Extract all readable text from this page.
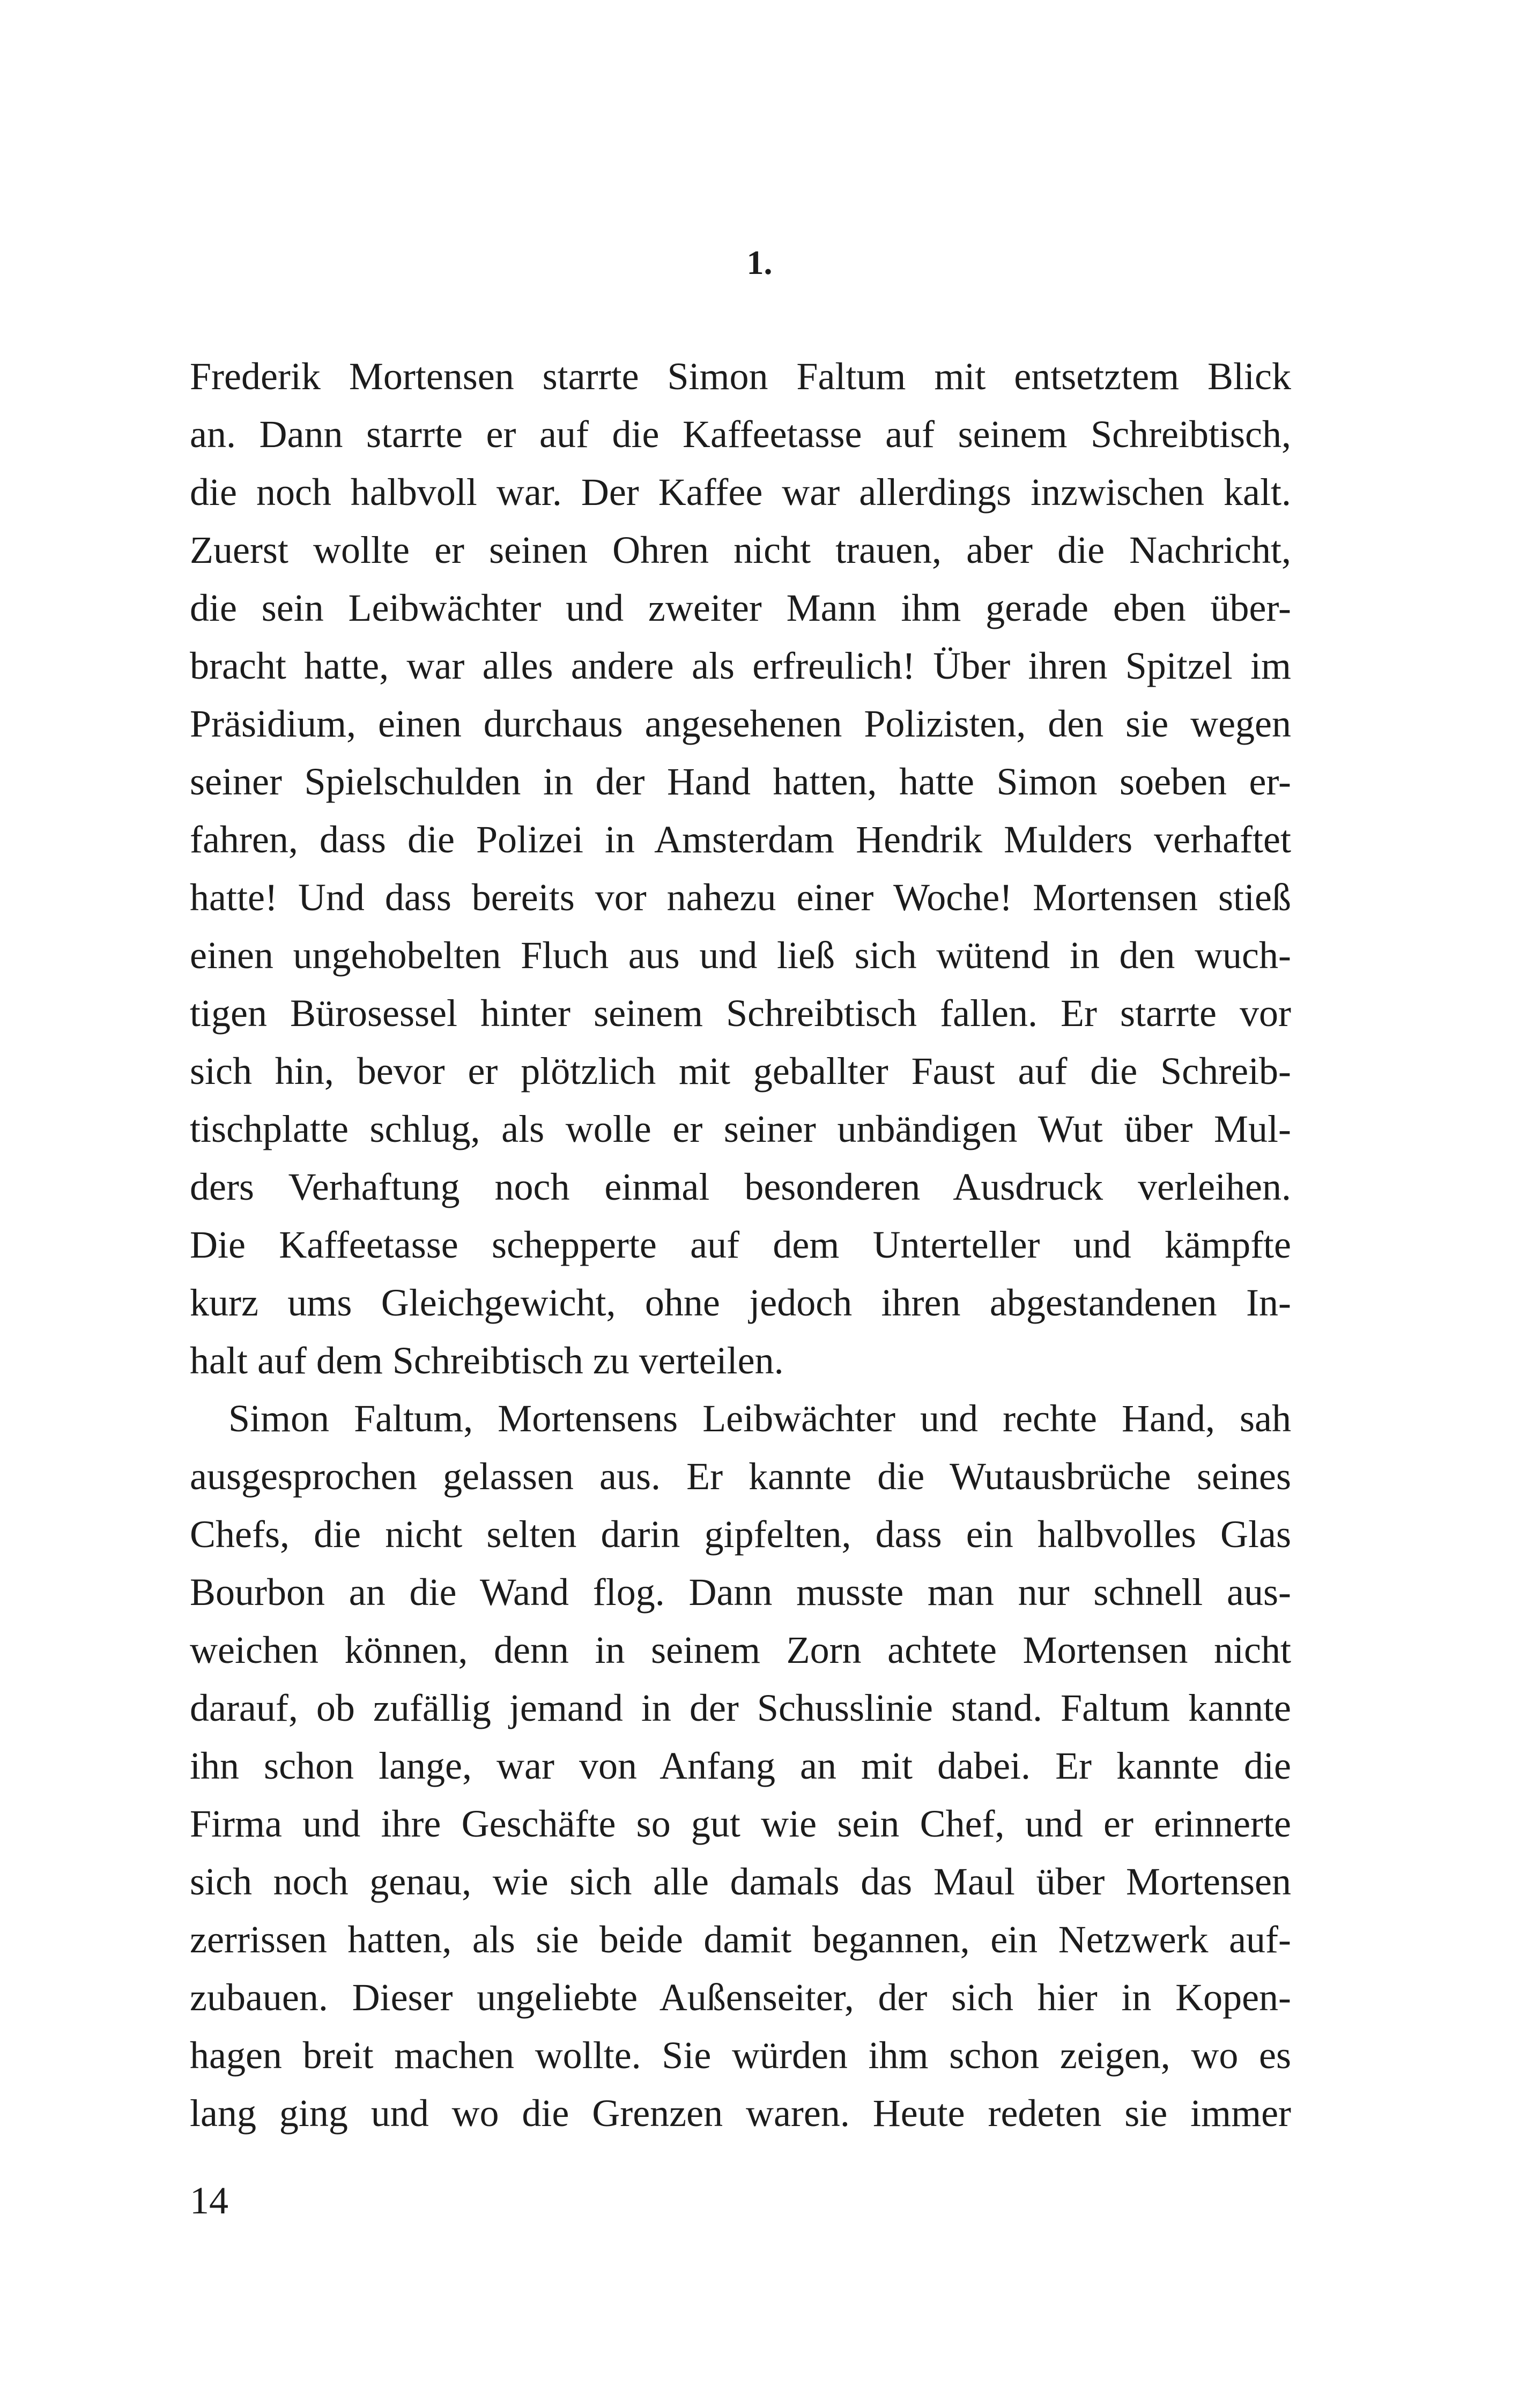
1.
Frederik Mortensen starrte Simon Faltum mit entsetztem Blick
an. Dann starrte er auf die Kaffeetasse auf seinem Schreibtisch,
die noch halbvoll war. Der Kaffee war allerdings inzwischen kalt.
Zuerst wollte er seinen Ohren nicht trauen, aber die Nachricht,
die sein Leibwächter und zweiter Mann ihm gerade eben über-
bracht hatte, war alles andere als erfreulich! Über ihren Spitzel im
Präsidium, einen durchaus angesehenen Polizisten, den sie wegen
seiner Spielschulden in der Hand hatten, hatte Simon soeben er-
fahren, dass die Polizei in Amsterdam Hendrik Mulders verhaftet
hatte! Und dass bereits vor nahezu einer Woche! Mortensen stieß
einen ungehobelten Fluch aus und ließ sich wütend in den wuch-
tigen Bürosessel hinter seinem Schreibtisch fallen. Er starrte vor
sich hin, bevor er plötzlich mit geballter Faust auf die Schreib-
tischplatte schlug, als wolle er seiner unbändigen Wut über Mul-
ders Verhaftung noch einmal besonderen Ausdruck verleihen.
Die Kaffeetasse schepperte auf dem Unterteller und kämpfte
kurz ums Gleichgewicht, ohne jedoch ihren abgestandenen In-
halt auf dem Schreibtisch zu verteilen.
Simon Faltum, Mortensens Leibwächter und rechte Hand, sah
ausgesprochen gelassen aus. Er kannte die Wutausbrüche seines
Chefs, die nicht selten darin gipfelten, dass ein halbvolles Glas
Bourbon an die Wand flog. Dann musste man nur schnell aus-
weichen können, denn in seinem Zorn achtete Mortensen nicht
darauf, ob zufällig jemand in der Schusslinie stand. Faltum kannte
ihn schon lange, war von Anfang an mit dabei. Er kannte die
Firma und ihre Geschäfte so gut wie sein Chef, und er erinnerte
sich noch genau, wie sich alle damals das Maul über Mortensen
zerrissen hatten, als sie beide damit begannen, ein Netzwerk auf-
zubauen. Dieser ungeliebte Außenseiter, der sich hier in Kopen-
hagen breit machen wollte. Sie würden ihm schon zeigen, wo es
lang ging und wo die Grenzen waren. Heute redeten sie immer

14
